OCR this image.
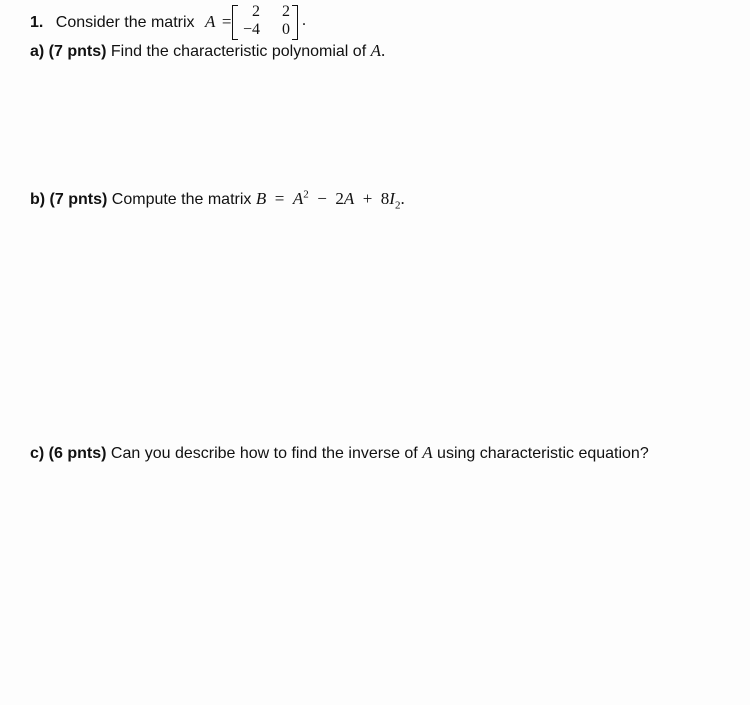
1. Consider the matrix A =
2	2
−4	0
.
a) (7 pnts) Find the characteristic polynomial of A.
b) (7 pnts) Compute the matrix $B = A^2 - 2A + 8I_2$.
c) (6 pnts) Can you describe how to find the inverse of A using characteristic equation?
